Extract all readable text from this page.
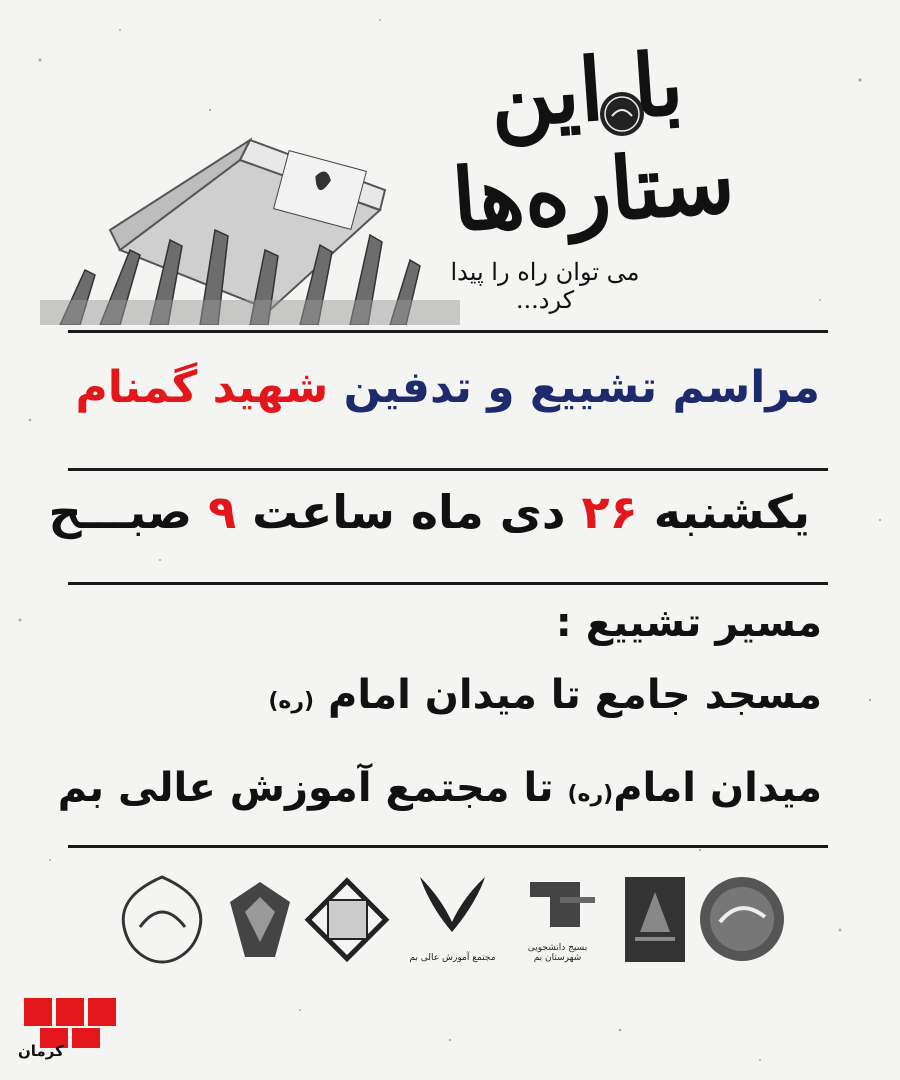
با این ستاره‌ها
می توان راه را پیدا کرد...
مراسم تشییع و تدفین شهید گمنام
یکشنبه ۲۶ دی ماه ساعت ۹ صبـــح
مسیر تشییع :
مسجد جامع تا میدان امام (ره)
میدان امام(ره) تا مجتمع آموزش عالی بم
بسیج دانشجویی شهرستان بم
مجتمع آموزش عالی بم
کرمان
